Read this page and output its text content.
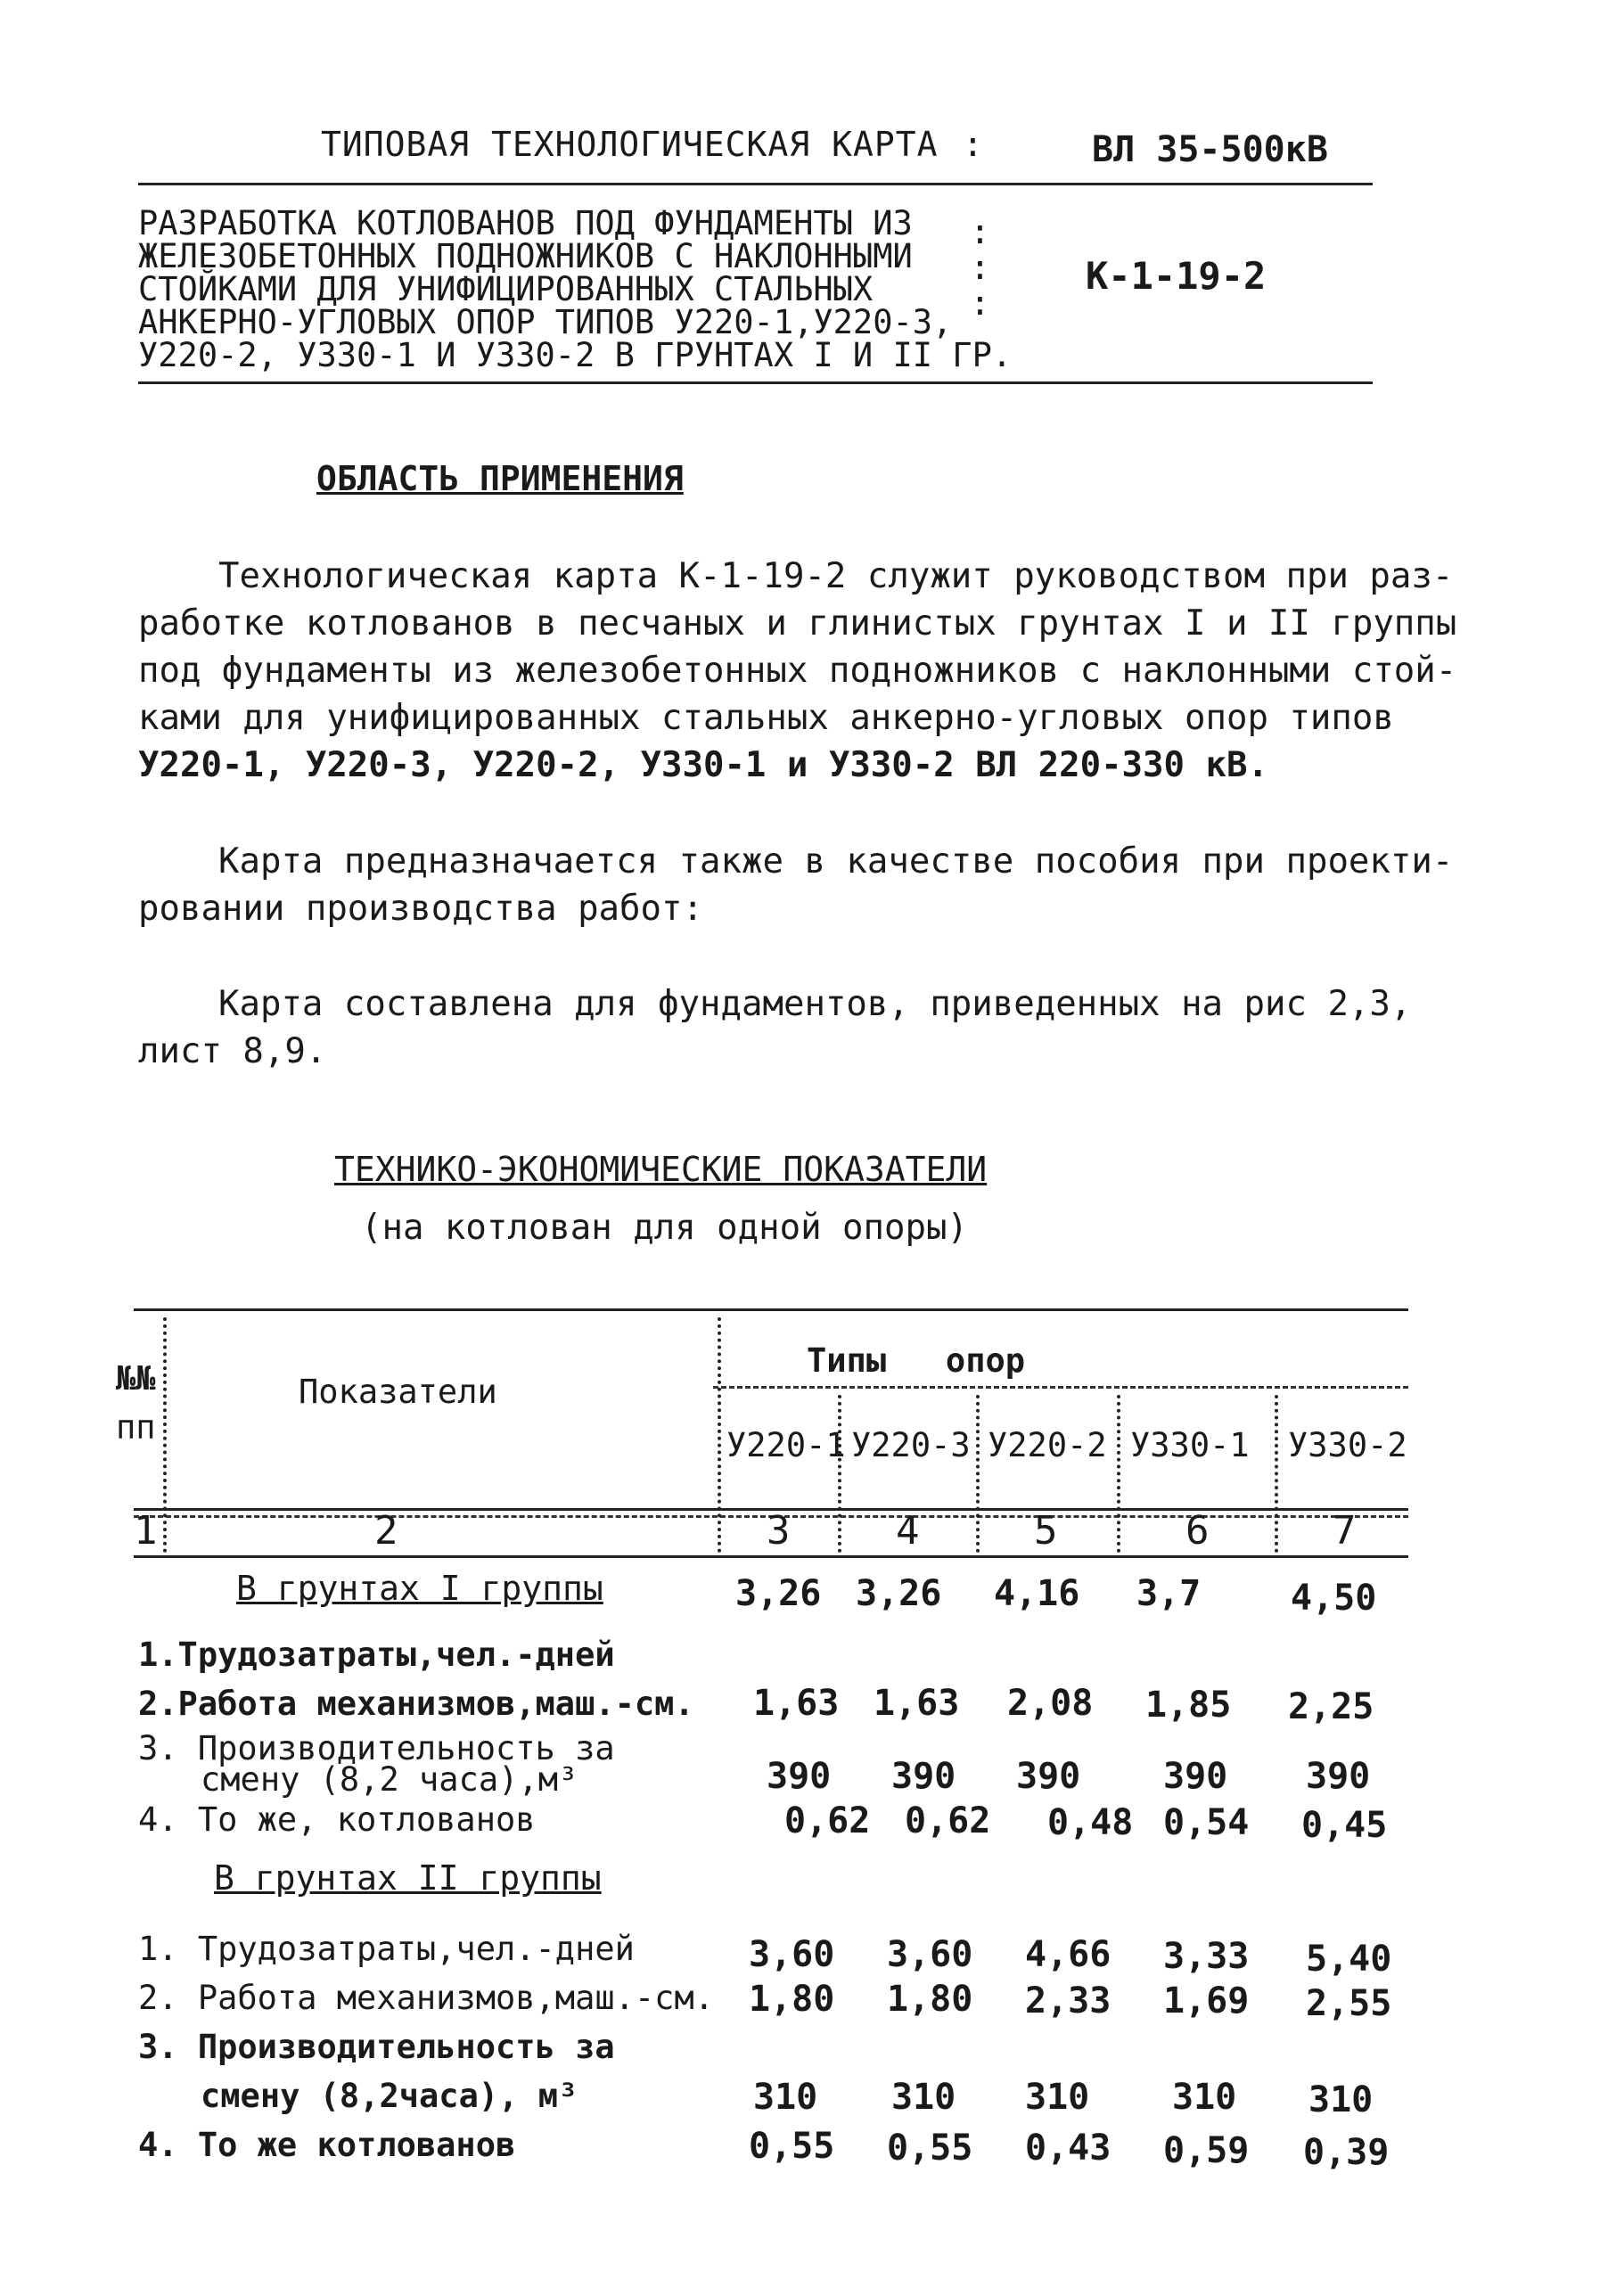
ТИПОВАЯ ТЕХНОЛОГИЧЕСКАЯ КАРТА :	ВЛ 35-500кВ
РАЗРАБОТКА КОТЛОВАНОВ ПОД ФУНДАМЕНТЫ ИЗ
ЖЕЛЕЗОБЕТОННЫХ ПОДНОЖНИКОВ С НАКЛОННЫМИ
СТОЙКАМИ ДЛЯ УНИФИЦИРОВАННЫХ СТАЛЬНЫХ
АНКЕРНО-УГЛОВЫХ ОПОР ТИПОВ У220-1,У220-3,
У220-2, У330-1 И У330-2 В ГРУНТАХ I И II ГР.
:
:
:
К-1-19-2
ОБЛАСТЬ ПРИМЕНЕНИЯ
Технологическая карта К-1-19-2 служит руководством при раз-
работке котлованов в песчаных и глинистых грунтах I и II группы
под фундаменты из железобетонных подножников с наклонными стой-
ками для унифицированных стальных анкерно-угловых опор типов
У220-1, У220-3, У220-2, У330-1 и У330-2 ВЛ 220-330 кВ.
Карта предназначается также в качестве пособия при проекти-
ровании производства работ:
Карта составлена для фундаментов, приведенных на рис 2,3,
лист 8,9.
ТЕХНИКО-ЭКОНОМИЧЕСКИЕ ПОКАЗАТЕЛИ
(на котлован для одной опоры)
№№
пп
Показатели
Типы   опор
У220-1 У220-3 У220-2 У330-1 У330-2
1	2	3	4	5	6	7
В грунтах I группы	3,26 3,26 4,16 3,7	4,50
1.Трудозатраты,чел.-дней
2.Работа механизмов,маш.-см. 1,63 1,63 2,08 1,85 2,25
3. Производительность за
смену (8,2 часа),м³	390 390 390 390 390
4. То же, котлованов	0,62 0,62 0,48 0,54 0,45
В грунтах II группы
1. Трудозатраты,чел.-дней	3,60 3,60 4,66 3,33 5,40
2. Работа механизмов,маш.-см. 1,80 1,80 2,33 1,69 2,55
3. Производительность за
смену (8,2часа), м³	310 310 310 310 310
4. То же котлованов	0,55 0,55 0,43 0,59 0,39
